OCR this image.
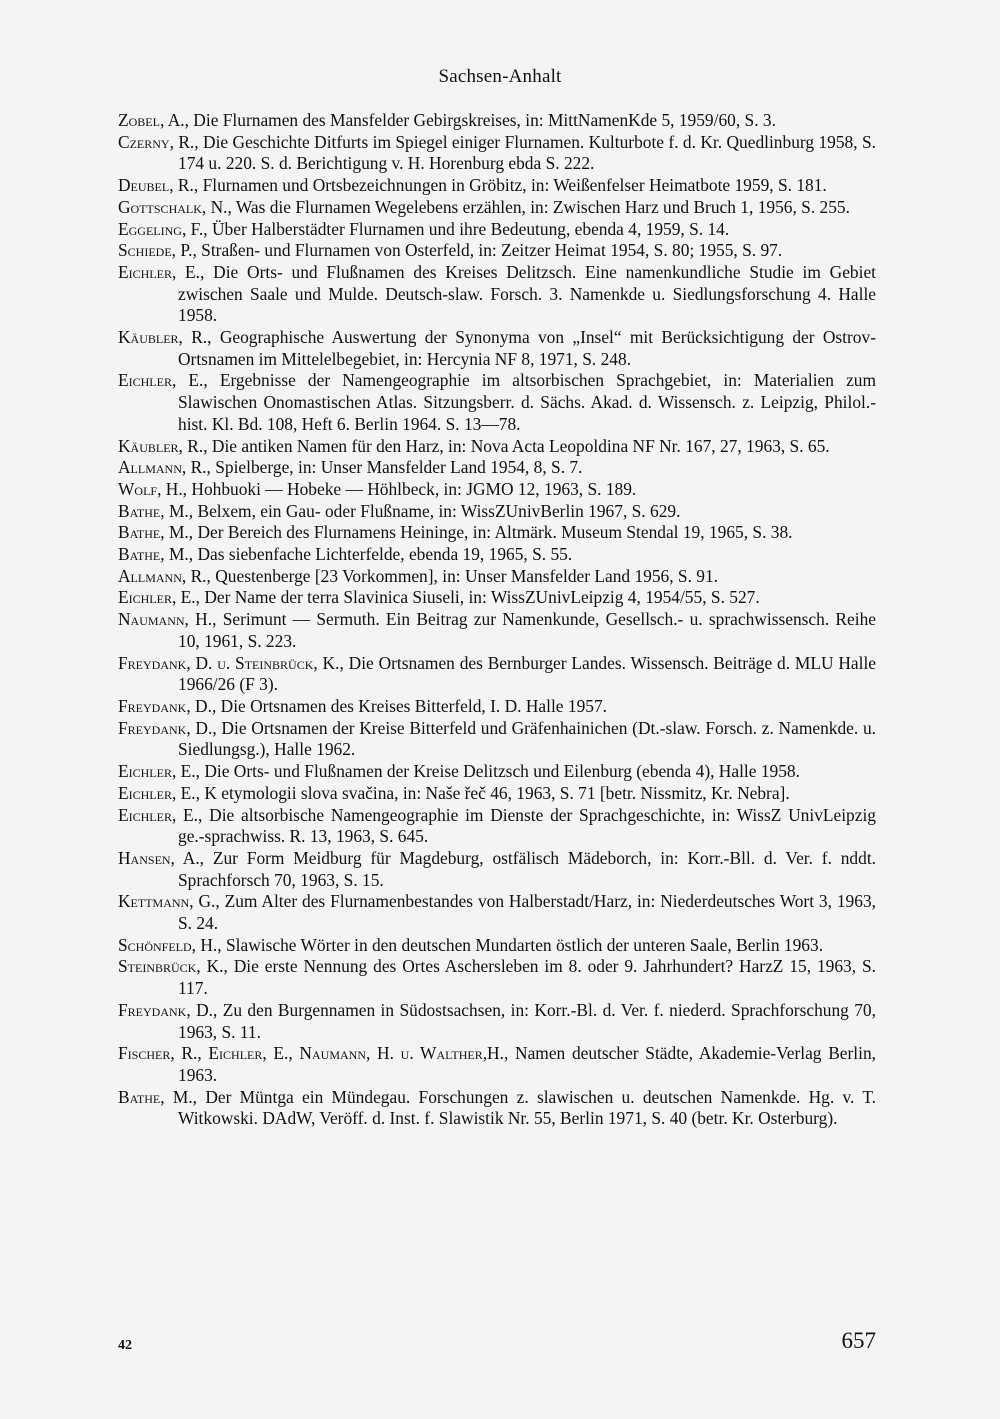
Sachsen-Anhalt

Zobel, A., Die Flurnamen des Mansfelder Gebirgskreises, in: MittNamenKde 5, 1959/60, S. 3.

Czerny, R., Die Geschichte Ditfurts im Spiegel einiger Flurnamen. Kulturbote f. d. Kr. Quedlinburg 1958, S. 174 u. 220. S. d. Berichtigung v. H. Horenburg ebda S. 222.

Deubel, R., Flurnamen und Ortsbezeichnungen in Gröbitz, in: Weißenfelser Heimatbote 1959, S. 181.

Gottschalk, N., Was die Flurnamen Wegelebens erzählen, in: Zwischen Harz und Bruch 1, 1956, S. 255.

Eggeling, F., Über Halberstädter Flurnamen und ihre Bedeutung, ebenda 4, 1959, S. 14.

Schiede, P., Straßen- und Flurnamen von Osterfeld, in: Zeitzer Heimat 1954, S. 80; 1955, S. 97.

Eichler, E., Die Orts- und Flußnamen des Kreises Delitzsch. Eine namenkundliche Studie im Gebiet zwischen Saale und Mulde. Deutsch-slaw. Forsch. 3. Namenkde u. Siedlungsforschung 4. Halle 1958.

Käubler, R., Geographische Auswertung der Synonyma von „Insel“ mit Berücksichtigung der Ostrov-Ortsnamen im Mittelelbegebiet, in: Hercynia NF 8, 1971, S. 248.

Eichler, E., Ergebnisse der Namengeographie im altsorbischen Sprachgebiet, in: Materialien zum Slawischen Onomastischen Atlas. Sitzungsberr. d. Sächs. Akad. d. Wissensch. z. Leipzig, Philol.-hist. Kl. Bd. 108, Heft 6. Berlin 1964. S. 13—78.

Käubler, R., Die antiken Namen für den Harz, in: Nova Acta Leopoldina NF Nr. 167, 27, 1963, S. 65.

Allmann, R., Spielberge, in: Unser Mansfelder Land 1954, 8, S. 7.

Wolf, H., Hohbuoki — Hobeke — Höhlbeck, in: JGMO 12, 1963, S. 189.

Bathe, M., Belxem, ein Gau- oder Flußname, in: WissZUnivBerlin 1967, S. 629.

Bathe, M., Der Bereich des Flurnamens Heininge, in: Altmärk. Museum Stendal 19, 1965, S. 38.

Bathe, M., Das siebenfache Lichterfelde, ebenda 19, 1965, S. 55.

Allmann, R., Questenberge [23 Vorkommen], in: Unser Mansfelder Land 1956, S. 91.

Eichler, E., Der Name der terra Slavinica Siuseli, in: WissZUnivLeipzig 4, 1954/55, S. 527.

Naumann, H., Serimunt — Sermuth. Ein Beitrag zur Namenkunde, Gesellsch.- u. sprachwissensch. Reihe 10, 1961, S. 223.

Freydank, D. u. Steinbrück, K., Die Ortsnamen des Bernburger Landes. Wissensch. Beiträge d. MLU Halle 1966/26 (F 3).

Freydank, D., Die Ortsnamen des Kreises Bitterfeld, I. D. Halle 1957.

Freydank, D., Die Ortsnamen der Kreise Bitterfeld und Gräfenhainichen (Dt.-slaw. Forsch. z. Namenkde. u. Siedlungsg.), Halle 1962.

Eichler, E., Die Orts- und Flußnamen der Kreise Delitzsch und Eilenburg (ebenda 4), Halle 1958.

Eichler, E., K etymologii slova svačina, in: Naše řeč 46, 1963, S. 71 [betr. Nissmitz, Kr. Nebra].

Eichler, E., Die altsorbische Namengeographie im Dienste der Sprachgeschichte, in: WissZ UnivLeipzig ge.-sprachwiss. R. 13, 1963, S. 645.

Hansen, A., Zur Form Meidburg für Magdeburg, ostfälisch Mädeborch, in: Korr.-Bll. d. Ver. f. nddt. Sprachforsch 70, 1963, S. 15.

Kettmann, G., Zum Alter des Flurnamenbestandes von Halberstadt/Harz, in: Niederdeutsches Wort 3, 1963, S. 24.

Schönfeld, H., Slawische Wörter in den deutschen Mundarten östlich der unteren Saale, Berlin 1963.

Steinbrück, K., Die erste Nennung des Ortes Aschersleben im 8. oder 9. Jahrhundert? HarzZ 15, 1963, S. 117.

Freydank, D., Zu den Burgennamen in Südostsachsen, in: Korr.-Bl. d. Ver. f. niederd. Sprachforschung 70, 1963, S. 11.

Fischer, R., Eichler, E., Naumann, H. u. Walther,H., Namen deutscher Städte, Akademie-Verlag Berlin, 1963.

Bathe, M., Der Müntga ein Mündegau. Forschungen z. slawischen u. deutschen Namenkde. Hg. v. T. Witkowski. DAdW, Veröff. d. Inst. f. Slawistik Nr. 55, Berlin 1971, S. 40 (betr. Kr. Osterburg).

42	657
